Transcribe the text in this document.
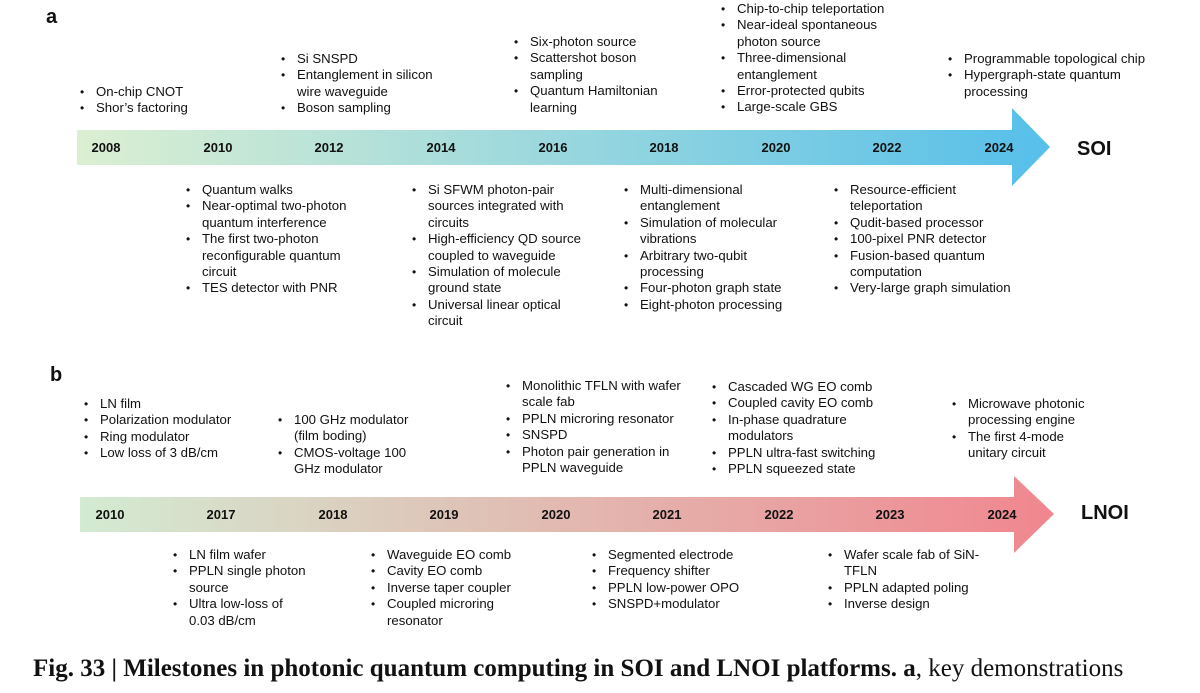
a
b
SOI
LNOI
2008	2010	2012	2014	2016	2018	2020	2022	2024
2010	2017	2018	2019	2020	2021	2022	2023	2024
• On-chip CNOT
• Shor’s factoring
• Si SNSPD
• Entanglement in silicon wire waveguide
• Boson sampling
• Six-photon source
• Scattershot boson sampling
• Quantum Hamiltonian learning
• Chip-to-chip teleportation
• Near-ideal spontaneous photon source
• Three-dimensional entanglement
• Error-protected qubits
• Large-scale GBS
• Programmable topological chip
• Hypergraph-state quantum processing
• Quantum walks
• Near-optimal two-photon quantum interference
• The first two-photon reconfigurable quantum circuit
• TES detector with PNR
• Si SFWM photon-pair sources integrated with circuits
• High-efficiency QD source coupled to waveguide
• Simulation of molecule ground state
• Universal linear optical circuit
• Multi-dimensional entanglement
• Simulation of molecular vibrations
• Arbitrary two-qubit processing
• Four-photon graph state
• Eight-photon processing
• Resource-efficient teleportation
• Qudit-based processor
• 100-pixel PNR detector
• Fusion-based quantum computation
• Very-large graph simulation
• LN film
• Polarization modulator
• Ring modulator
• Low loss of 3 dB/cm
• 100 GHz modulator (film boding)
• CMOS-voltage 100 GHz modulator
• Monolithic TFLN with wafer scale fab
• PPLN microring resonator
• SNSPD
• Photon pair generation in PPLN waveguide
• Cascaded WG EO comb
• Coupled cavity EO comb
• In-phase quadrature modulators
• PPLN ultra-fast switching
• PPLN squeezed state
• Microwave photonic processing engine
• The first 4-mode unitary circuit
• LN film wafer
• PPLN single photon source
• Ultra low-loss of 0.03 dB/cm
• Waveguide EO comb
• Cavity EO comb
• Inverse taper coupler
• Coupled microring resonator
• Segmented electrode
• Frequency shifter
• PPLN low-power OPO
• SNSPD+modulator
• Wafer scale fab of SiN-TFLN
• PPLN adapted poling
• Inverse design
Fig. 33 | Milestones in photonic quantum computing in SOI and LNOI platforms. a, key demonstrations
